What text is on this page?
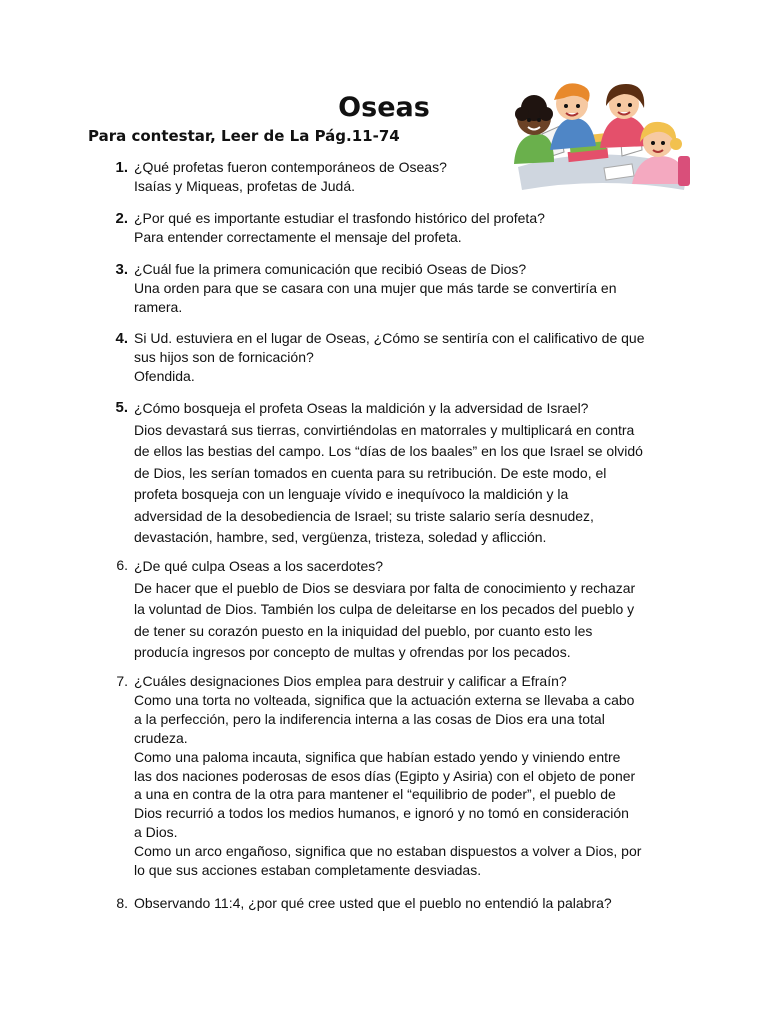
Oseas
Para contestar, Leer de La Pág.11-74
1. ¿Qué profetas fueron contemporáneos de Oseas?
Isaías y Miqueas, profetas de Judá.
2. ¿Por qué es importante estudiar el trasfondo histórico del profeta?
Para entender correctamente el mensaje del profeta.
3. ¿Cuál fue la primera comunicación que recibió Oseas de Dios?
Una orden para que se casara con una mujer que más tarde se convertiría en
ramera.
4. Si Ud. estuviera en el lugar de Oseas, ¿Cómo se sentiría con el calificativo de que
sus hijos son de fornicación?
Ofendida.
5. ¿Cómo bosqueja el profeta Oseas la maldición y la adversidad de Israel?
Dios devastará sus tierras, convirtiéndolas en matorrales y multiplicará en contra
de ellos las bestias del campo. Los “días de los baales” en los que Israel se olvidó
de Dios, les serían tomados en cuenta para su retribución. De este modo, el
profeta bosqueja con un lenguaje vívido e inequívoco la maldición y la
adversidad de la desobediencia de Israel; su triste salario sería desnudez,
devastación, hambre, sed, vergüenza, tristeza, soledad y aflicción.
6. ¿De qué culpa Oseas a los sacerdotes?
De hacer que el pueblo de Dios se desviara por falta de conocimiento y rechazar
la voluntad de Dios. También los culpa de deleitarse en los pecados del pueblo y
de tener su corazón puesto en la iniquidad del pueblo, por cuanto esto les
producía ingresos por concepto de multas y ofrendas por los pecados.
7. ¿Cuáles designaciones Dios emplea para destruir y calificar a Efraín?
Como una torta no volteada, significa que la actuación externa se llevaba a cabo
a la perfección, pero la indiferencia interna a las cosas de Dios era una total
crudeza.
Como una paloma incauta, significa que habían estado yendo y viniendo entre
las dos naciones poderosas de esos días (Egipto y Asiria) con el objeto de poner
a una en contra de la otra para mantener el “equilibrio de poder”, el pueblo de
Dios recurrió a todos los medios humanos, e ignoró y no tomó en consideración
a Dios.
Como un arco engañoso, significa que no estaban dispuestos a volver a Dios, por
lo que sus acciones estaban completamente desviadas.
8. Observando 11:4, ¿por qué cree usted que el pueblo no entendió la palabra?
